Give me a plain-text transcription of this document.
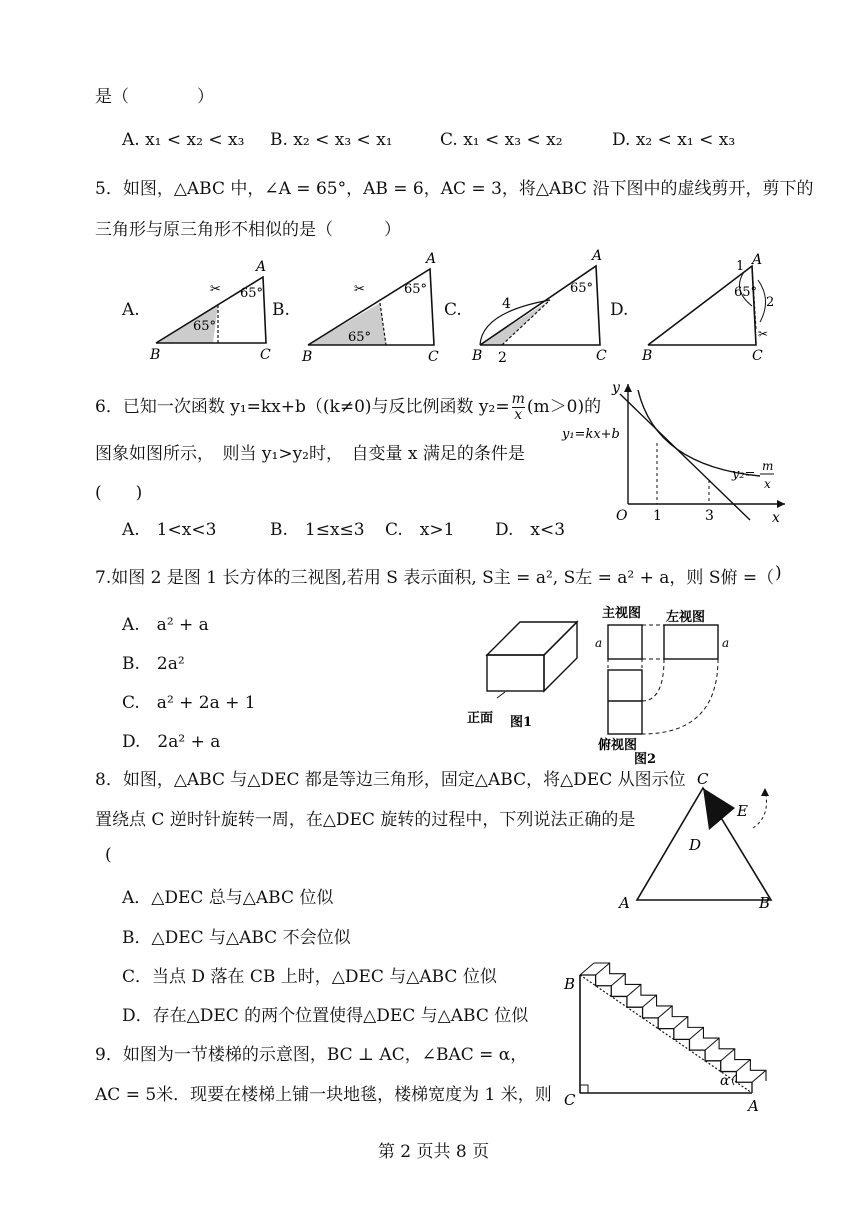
是（　　　　）
A. x₁ < x₂ < x₃ B. x₂ < x₃ < x₁	C. x₁ < x₃ < x₂	D. x₂ < x₁ < x₃
5．如图，△ABC 中，∠A = 65°，AB = 6，AC = 3，将△ABC 沿下图中的虚线剪开，剪下的
三角形与原三角形不相似的是（　　　）
A.	B.	C.	D.
B	C
A
65°
65°
✂
B	C
A
65°
65°
✂
B	C
A
65°
4
2	B	C
A
65°
1
2
✂
6．已知一次函数 y₁=kx+b（(k≠0)与反比例函数 $y_2= \frac{m}{x} (m>0)$的
图象如图所示，　则当 y₁>y₂时，　自变量 x 满足的条件是
(　　)
A.　1<x<3	B.　1≤x≤3 C.　x>1 D.　x<3
y
x
O 1	3
y₁=kx+b
y₂=
m
x
7.如图 2 是图 1 长方体的三视图,若用 S 表示面积, S主 = a², S左 = a² + a，则 S俯 =（ )
A.　a² + a
B.　2a²
C.　a² + 2a + 1
D.　2a² + a
正面 图1
主视图 左视图
a	a
俯视图
图2
8．如图，△ABC 与△DEC 都是等边三角形，固定△ABC，将△DEC 从图示位
置绕点 C 逆时针旋转一周，在△DEC 旋转的过程中，下列说法正确的是
(
A．△DEC 总与△ABC 位似
B．△DEC 与△ABC 不会位似
C．当点 D 落在 CB 上时，△DEC 与△ABC 位似
D．存在△DEC 的两个位置使得△DEC 与△ABC 位似
C
E
D
A	B
9．如图为一节楼梯的示意图，BC ⊥ AC，∠BAC = α，
AC = 5米．现要在楼梯上铺一块地毯，楼梯宽度为 1 米，则
B
C	A
α
第 2 页共 8 页
